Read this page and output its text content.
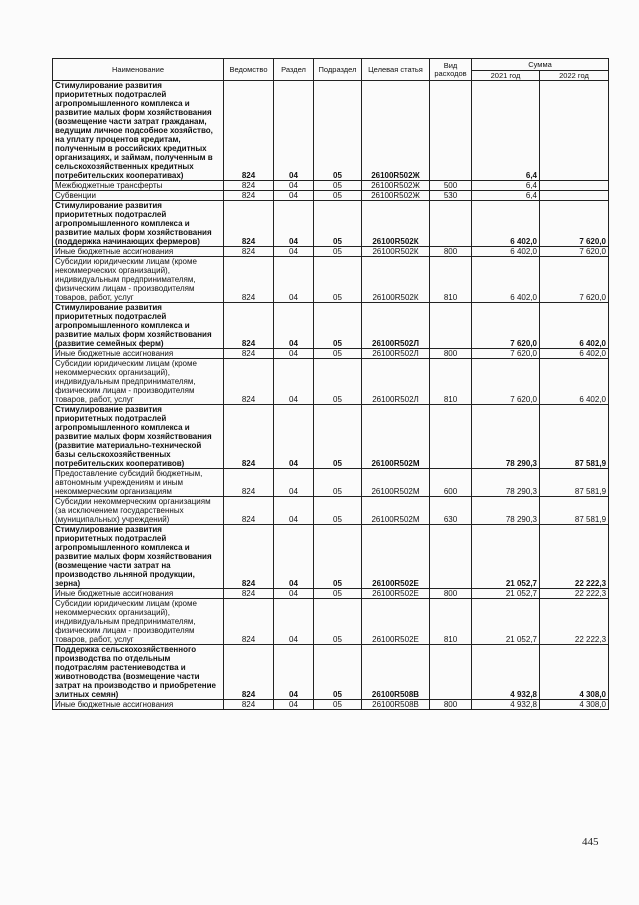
Наименование	Ведомство	Раздел	Подраздел	Целевая статья	Вид расходов	Сумма	
						2021 год	2022 год
Стимулирование развития приоритетных подотраслей агропромышленного комплекса и развитие малых форм хозяйствования (возмещение части затрат гражданам, ведущим личное подсобное хозяйство, на уплату процентов кредитам, полученным в российских кредитных организациях, и займам, полученным в сельскохозяйственных кредитных потребительских кооперативах)	824	04	05	26100R502Ж		6,4	
Межбюджетные трансферты	824	04	05	26100R502Ж	500	6,4	
Субвенции	824	04	05	26100R502Ж	530	6,4	
Стимулирование развития приоритетных подотраслей агропромышленного комплекса и развитие малых форм хозяйствования (поддержка начинающих фермеров)	824	04	05	26100R502К		6 402,0	7 620,0
Иные бюджетные ассигнования	824	04	05	26100R502К	800	6 402,0	7 620,0
Субсидии юридическим лицам (кроме некоммерческих организаций), индивидуальным предпринимателям, физическим лицам - производителям товаров, работ, услуг	824	04	05	26100R502К	810	6 402,0	7 620,0
Стимулирование развития приоритетных подотраслей агропромышленного комплекса и развитие малых форм хозяйствования (развитие семейных ферм)	824	04	05	26100R502Л		7 620,0	6 402,0
Иные бюджетные ассигнования	824	04	05	26100R502Л	800	7 620,0	6 402,0
Субсидии юридическим лицам (кроме некоммерческих организаций), индивидуальным предпринимателям, физическим лицам - производителям товаров, работ, услуг	824	04	05	26100R502Л	810	7 620,0	6 402,0
Стимулирование развития приоритетных подотраслей агропромышленного комплекса и развитие малых форм хозяйствования (развитие материально-технической базы сельскохозяйственных потребительских кооперативов)	824	04	05	26100R502М		78 290,3	87 581,9
Предоставление субсидий бюджетным, автономным учреждениям и иным некоммерческим организациям	824	04	05	26100R502М	600	78 290,3	87 581,9
Субсидии некоммерческим организациям (за исключением государственных (муниципальных) учреждений)	824	04	05	26100R502М	630	78 290,3	87 581,9
Стимулирование развития приоритетных подотраслей агропромышленного комплекса и развитие малых форм хозяйствования (возмещение части затрат на производство льняной продукции, зерна)	824	04	05	26100R502Е		21 052,7	22 222,3
Иные бюджетные ассигнования	824	04	05	26100R502Е	800	21 052,7	22 222,3
Субсидии юридическим лицам (кроме некоммерческих организаций), индивидуальным предпринимателям, физическим лицам - производителям товаров, работ, услуг	824	04	05	26100R502Е	810	21 052,7	22 222,3
Поддержка сельскохозяйственного производства по отдельным подотраслям растениеводства и животноводства (возмещение части затрат на производство и приобретение элитных семян)	824	04	05	26100R508В		4 932,8	4 308,0
Иные бюджетные ассигнования	824	04	05	26100R508В	800	4 932,8	4 308,0
445
